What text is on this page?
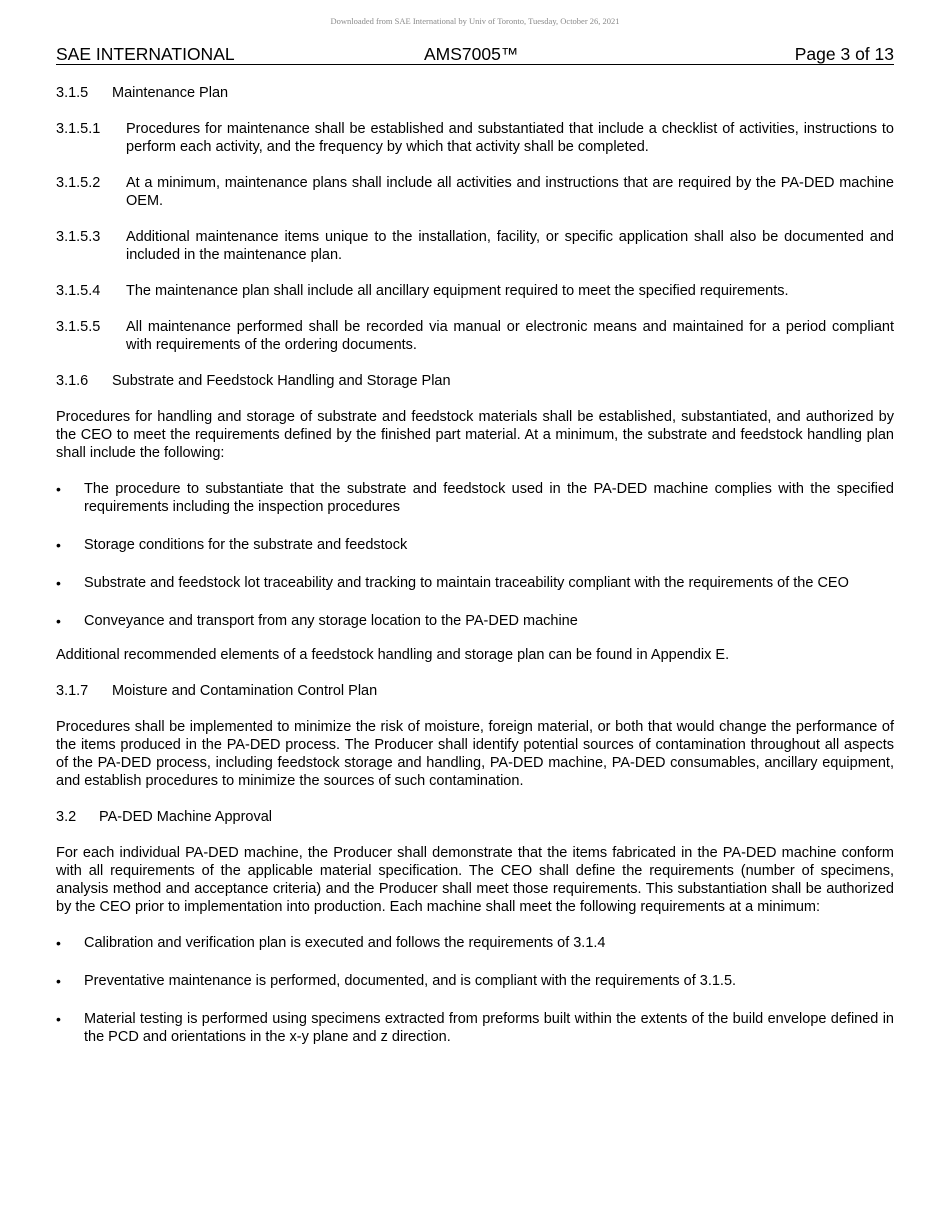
Downloaded from SAE International by Univ of Toronto, Tuesday, October 26, 2021
SAE INTERNATIONAL	AMS7005™	Page 3 of 13
3.1.5 Maintenance Plan
3.1.5.1	Procedures for maintenance shall be established and substantiated that include a checklist of activities, instructions to perform each activity, and the frequency by which that activity shall be completed.
3.1.5.2	At a minimum, maintenance plans shall include all activities and instructions that are required by the PA-DED machine OEM.
3.1.5.3	Additional maintenance items unique to the installation, facility, or specific application shall also be documented and included in the maintenance plan.
3.1.5.4	The maintenance plan shall include all ancillary equipment required to meet the specified requirements.
3.1.5.5	All maintenance performed shall be recorded via manual or electronic means and maintained for a period compliant with requirements of the ordering documents.
3.1.6 Substrate and Feedstock Handling and Storage Plan

Procedures for handling and storage of substrate and feedstock materials shall be established, substantiated, and authorized by the CEO to meet the requirements defined by the finished part material. At a minimum, the substrate and feedstock handling plan shall include the following:

•	The procedure to substantiate that the substrate and feedstock used in the PA-DED machine complies with the specified requirements including the inspection procedures
•	Storage conditions for the substrate and feedstock
•	Substrate and feedstock lot traceability and tracking to maintain traceability compliant with the requirements of the CEO
•	Conveyance and transport from any storage location to the PA-DED machine

Additional recommended elements of a feedstock handling and storage plan can be found in Appendix E.

3.1.7 Moisture and Contamination Control Plan

Procedures shall be implemented to minimize the risk of moisture, foreign material, or both that would change the performance of the items produced in the PA-DED process. The Producer shall identify potential sources of contamination throughout all aspects of the PA-DED process, including feedstock storage and handling, PA-DED machine, PA-DED consumables, ancillary equipment, and establish procedures to minimize the sources of such contamination.

3.2 PA-DED Machine Approval

For each individual PA-DED machine, the Producer shall demonstrate that the items fabricated in the PA-DED machine conform with all requirements of the applicable material specification. The CEO shall define the requirements (number of specimens, analysis method and acceptance criteria) and the Producer shall meet those requirements. This substantiation shall be authorized by the CEO prior to implementation into production. Each machine shall meet the following requirements at a minimum:

•	Calibration and verification plan is executed and follows the requirements of 3.1.4
•	Preventative maintenance is performed, documented, and is compliant with the requirements of 3.1.5.
•	Material testing is performed using specimens extracted from preforms built within the extents of the build envelope defined in the PCD and orientations in the x-y plane and z direction.
